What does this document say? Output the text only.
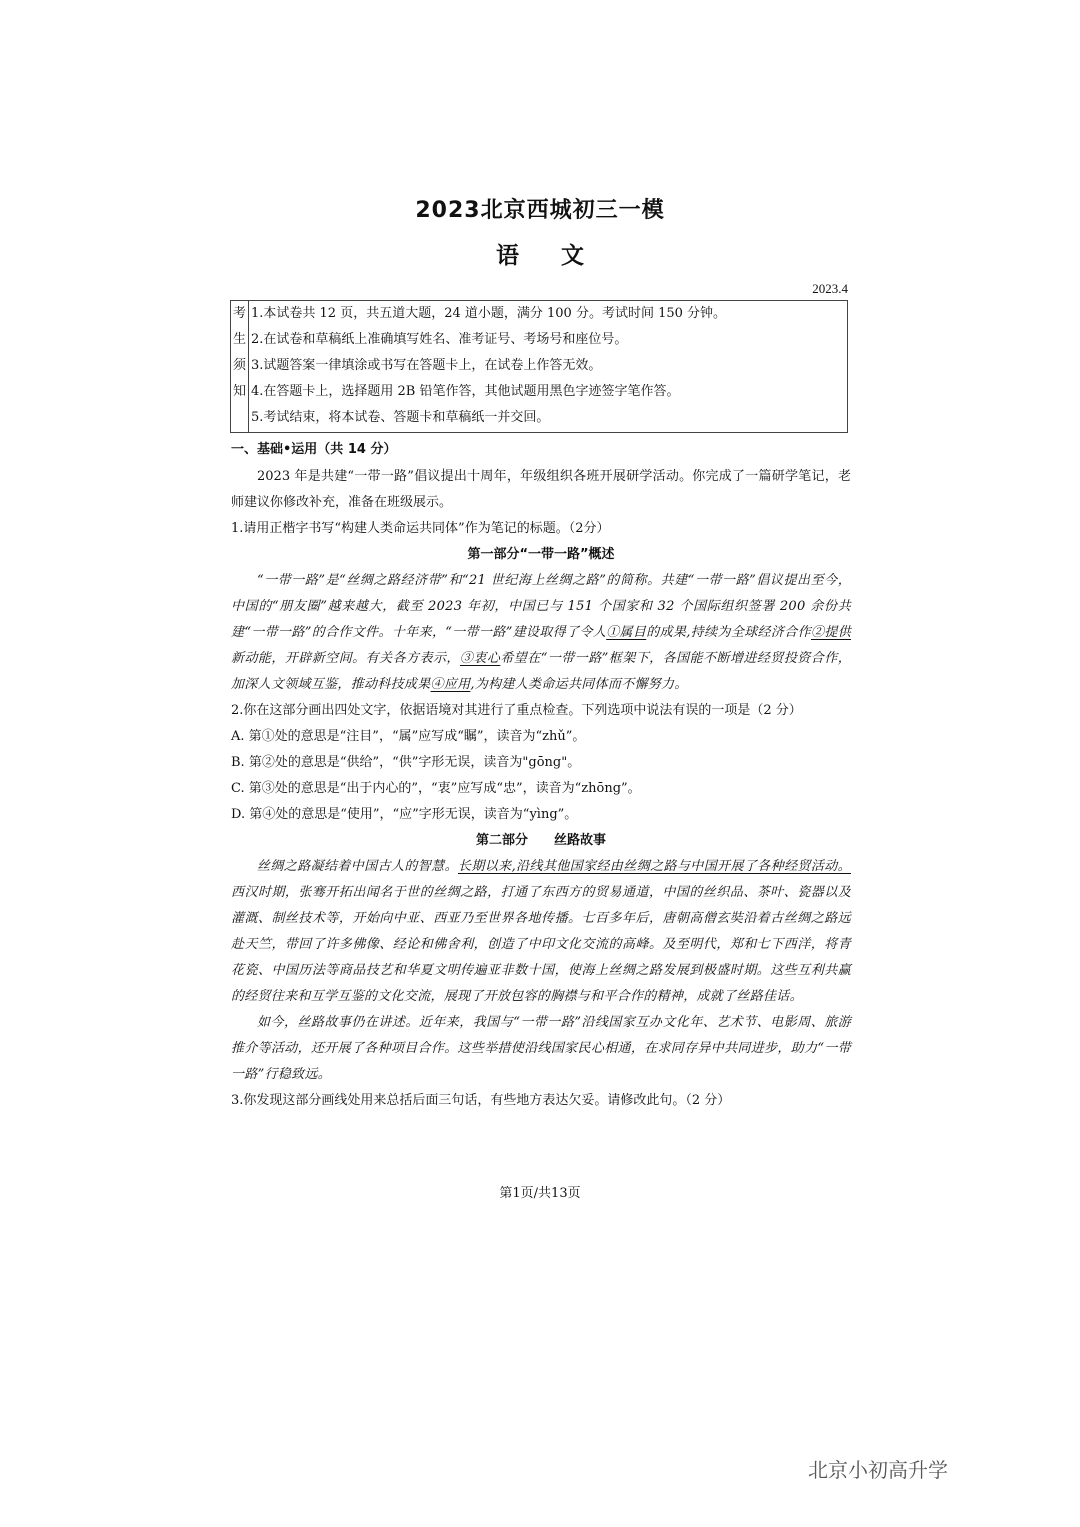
2023北京西城初三一模
语文
2023.4
考
生
须
知
1.本试卷共 12 页，共五道大题，24 道小题，满分 100 分。考试时间 150 分钟。
2.在试卷和草稿纸上准确填写姓名、准考证号、考场号和座位号。
3.试题答案一律填涂或书写在答题卡上，在试卷上作答无效。
4.在答题卡上，选择题用 2B 铅笔作答，其他试题用黑色字迹签字笔作答。
5.考试结束，将本试卷、答题卡和草稿纸一并交回。
一、基础•运用（共 14 分）
2023 年是共建“一带一路”倡议提出十周年，年级组织各班开展研学活动。你完成了一篇研学笔记，老师建议你修改补充，准备在班级展示。
1.请用正楷字书写“构建人类命运共同体”作为笔记的标题。（2分）
第一部分“一带一路”概述
“一带一路”是“丝绸之路经济带”和“21 世纪海上丝绸之路”的简称。共建“一带一路”倡议提出至今，中国的“朋友圈”越来越大，截至 2023 年初，中国已与 151 个国家和 32 个国际组织签署 200 余份共建“一带一路”的合作文件。十年来，“一带一路”建设取得了令人①属目的成果,持续为全球经济合作②提供新动能，开辟新空间。有关各方表示，③衷心希望在“一带一路”框架下，各国能不断增进经贸投资合作，加深人文领域互鉴，推动科技成果④应用,为构建人类命运共同体而不懈努力。
2.你在这部分画出四处文字，依据语境对其进行了重点检查。下列选项中说法有误的一项是（2 分）
A. 第①处的意思是“注目”，“属”应写成“瞩”，读音为“zhǔ”。
B. 第②处的意思是“供给”，“供”字形无误，读音为"gōng"。
C. 第③处的意思是“出于内心的”，“衷”应写成“忠”，读音为“zhōng”。
D. 第④处的意思是“使用”，“应”字形无误，读音为“yìng”。
第二部分　　丝路故事
丝绸之路凝结着中国古人的智慧。长期以来,沿线其他国家经由丝绸之路与中国开展了各种经贸活动。西汉时期，张骞开拓出闻名于世的丝绸之路，打通了东西方的贸易通道，中国的丝织品、茶叶、瓷器以及灌溉、制丝技术等，开始向中亚、西亚乃至世界各地传播。七百多年后，唐朝高僧玄奘沿着古丝绸之路远赴天竺，带回了许多佛像、经论和佛舍利，创造了中印文化交流的高峰。及至明代，郑和七下西洋，将青花瓷、中国历法等商品技艺和华夏文明传遍亚非数十国，使海上丝绸之路发展到极盛时期。这些互利共赢的经贸往来和互学互鉴的文化交流，展现了开放包容的胸襟与和平合作的精神，成就了丝路佳话。
如今，丝路故事仍在讲述。近年来，我国与“一带一路”沿线国家互办文化年、艺术节、电影周、旅游推介等活动，还开展了各种项目合作。这些举措使沿线国家民心相通，在求同存异中共同进步，助力“一带一路”行稳致远。
3.你发现这部分画线处用来总括后面三句话，有些地方表达欠妥。请修改此句。（2 分）
第1页/共13页
北京小初高升学
